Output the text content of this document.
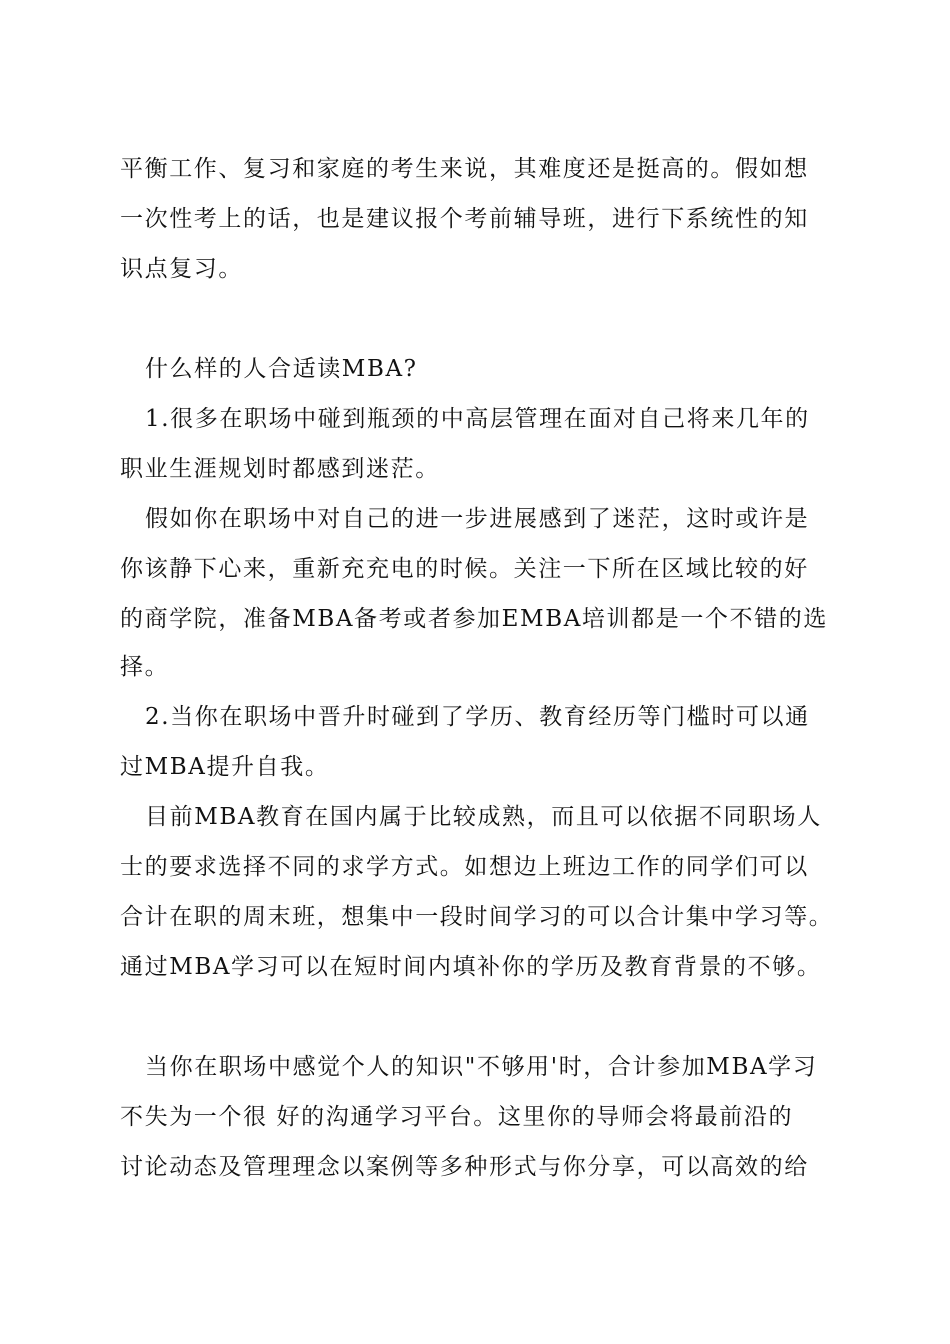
平衡工作、复习和家庭的考生来说，其难度还是挺高的。假如想
一次性考上的话，也是建议报个考前辅导班，进行下系统性的知
识点复习。
什么样的人合适读MBA?
1.很多在职场中碰到瓶颈的中高层管理在面对自己将来几年的
职业生涯规划时都感到迷茫。
假如你在职场中对自己的进一步进展感到了迷茫，这时或许是
你该静下心来，重新充充电的时候。关注一下所在区域比较的好
的商学院，准备MBA备考或者参加EMBA培训都是一个不错的选
择。
2.当你在职场中晋升时碰到了学历、教育经历等门槛时可以通
过MBA提升自我。
目前MBA教育在国内属于比较成熟，而且可以依据不同职场人
士的要求选择不同的求学方式。如想边上班边工作的同学们可以
合计在职的周末班，想集中一段时间学习的可以合计集中学习等。
通过MBA学习可以在短时间内填补你的学历及教育背景的不够。
当你在职场中感觉个人的知识"不够用'时，合计参加MBA学习
不失为一个很 好的沟通学习平台。这里你的导师会将最前沿的
讨论动态及管理理念以案例等多种形式与你分享，可以高效的给
